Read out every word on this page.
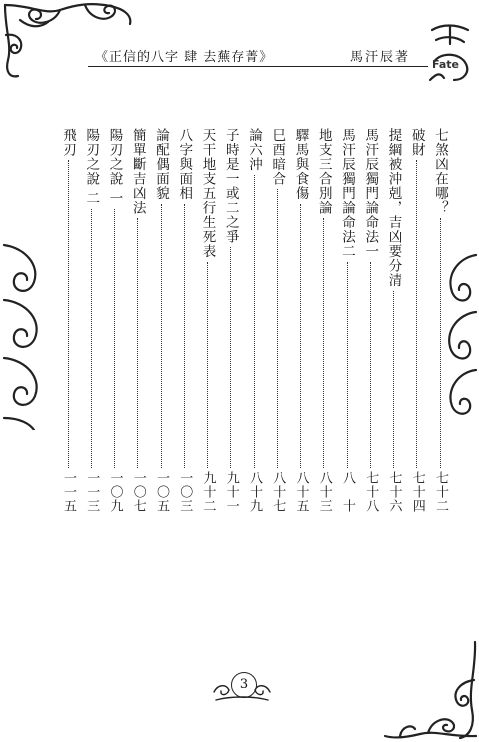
Fate
《正信的八字 肆 去蕪存菁》	馬汗辰著
七煞凶在哪？
七十二
破財
七十四
提綱被沖剋，吉凶要分清
七十六
馬汗辰獨門論命法一
七十八
馬汗辰獨門論命法二
八　十
地支三合別論
八十三
驛馬與食傷
八十五
巳酉暗合
八十七
論六沖
八十九
子時是一或二之爭
九十一
天干地支五行生死表
九十二
八字與面相
一〇三
論配偶面貌
一〇五
簡單斷吉凶法
一〇七
陽刃之說 一
一〇九
陽刃之說 二
一一三
飛刃
一一五
3
